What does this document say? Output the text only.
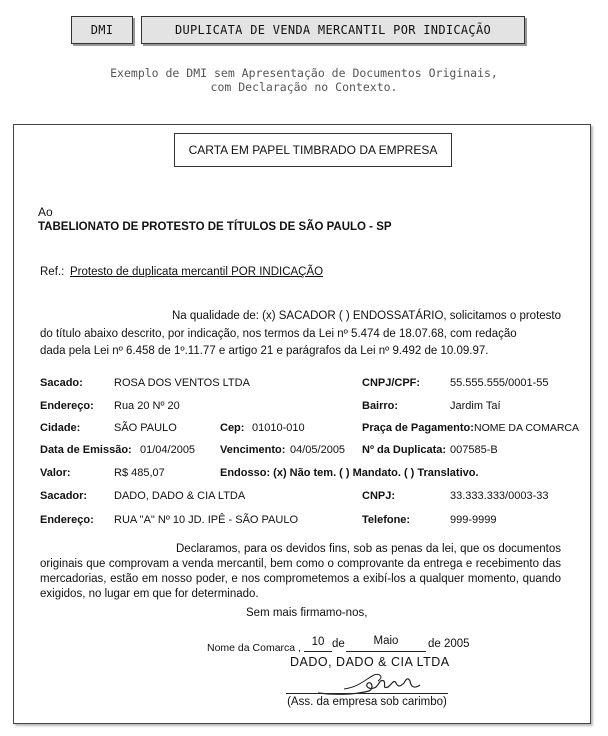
DMI	DUPLICATA DE VENDA MERCANTIL POR INDICAÇÃO
Exemplo de DMI sem Apresentação de Documentos Originais,
com Declaração no Contexto.
CARTA EM PAPEL TIMBRADO DA EMPRESA
Ao
TABELIONATO DE PROTESTO DE TÍTULOS DE SÃO PAULO - SP
Ref.: Protesto de duplicata mercantil POR INDICAÇÃO
Na qualidade de: (x) SACADOR ( ) ENDOSSATÁRIO, solicitamos o protesto
do título abaixo descrito, por indicação, nos termos da Lei nº 5.474 de 18.07.68, com redação
dada pela Lei nº 6.458 de 1º.11.77 e artigo 21 e parágrafos da Lei nº 9.492 de 10.09.97.
Sacado:	ROSA DOS VENTOS LTDA	CNPJ/CPF:	55.555.555/0001-55
Endereço: Rua 20 Nº 20	Bairro:	Jardim Taí
Cidade:	SÃO PAULO	Cep: 01010-010	Praça de Pagamento: NOME DA COMARCA
Data de Emissão: 01/04/2005 Vencimento: 04/05/2005 Nº da Duplicata: 007585-B
Valor:	R$ 485,07	Endosso: (x) Não tem. ( ) Mandato. ( ) Translativo.
Sacador: DADO, DADO & CIA LTDA	CNPJ:	33.333.333/0003-33
Endereço: RUA "A" Nº 10 JD. IPÊ - SÃO PAULO	Telefone:	999-9999
Declaramos, para os devidos fins, sob as penas da lei, que os documentos originais que comprovam a venda mercantil, bem como o comprovante da entrega e recebimento das mercadorias, estão em nosso poder, e nos comprometemos a exibí-los a qualquer momento, quando exigidos, no lugar em que for determinado.
Sem mais firmamo-nos,
Nome da Comarca , 10 de	Maio	de 2005
DADO, DADO & CIA LTDA
(Ass. da empresa sob carimbo)
